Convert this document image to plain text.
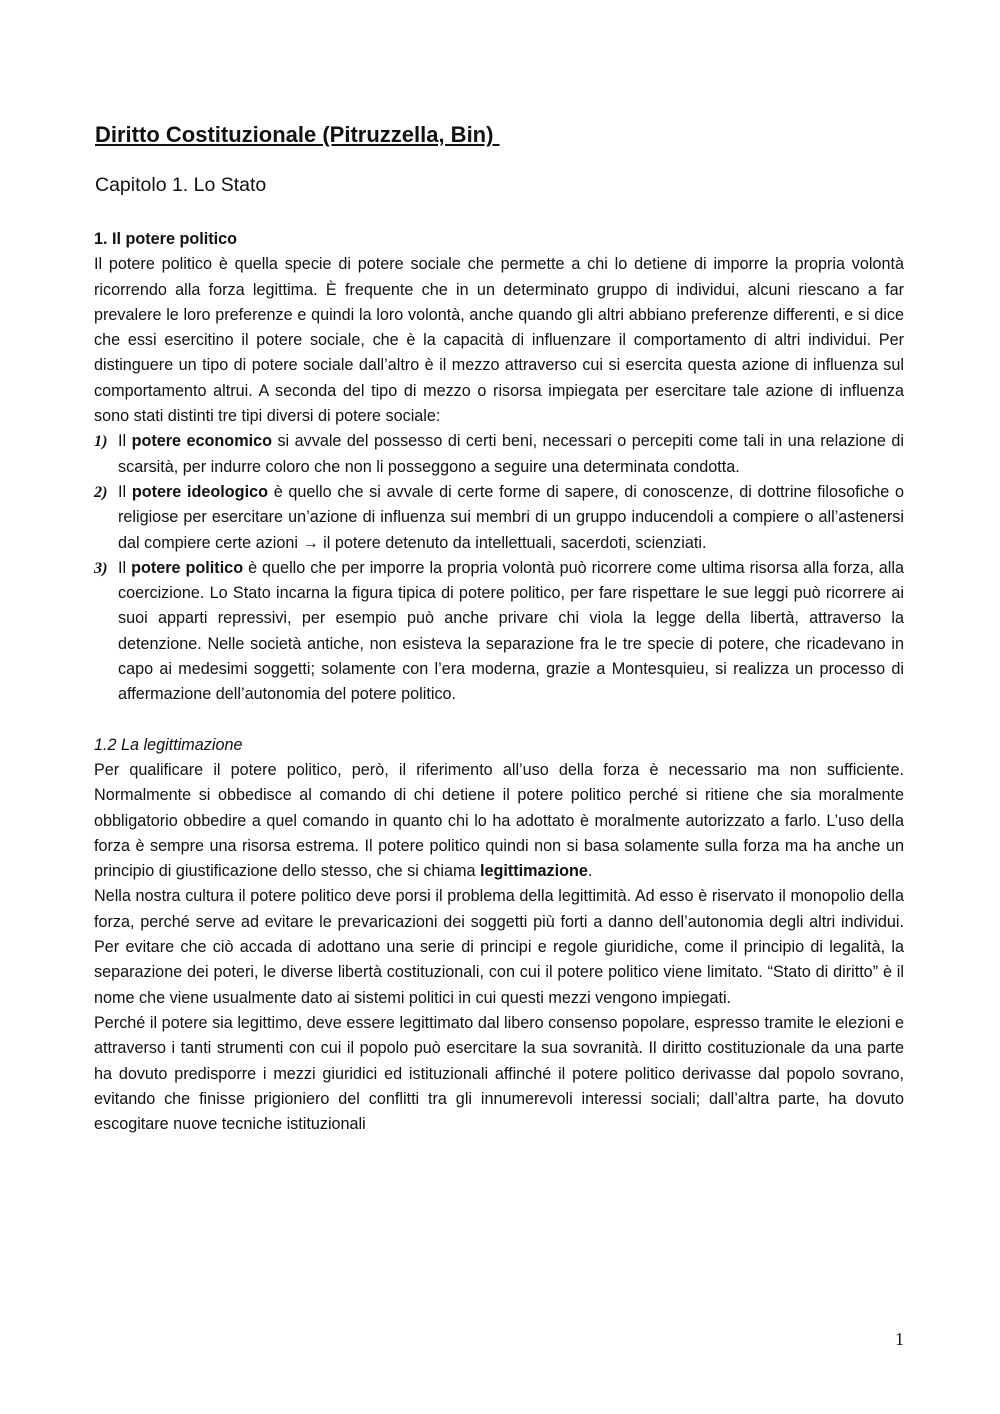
Diritto Costituzionale (Pitruzzella, Bin)
Capitolo 1. Lo Stato

1. Il potere politico

Il potere politico è quella specie di potere sociale che permette a chi lo detiene di imporre la propria volontà ricorrendo alla forza legittima. È frequente che in un determinato gruppo di individui, alcuni riescano a far prevalere le loro preferenze e quindi la loro volontà, anche quando gli altri abbiano preferenze differenti, e si dice che essi esercitino il potere sociale, che è la capacità di influenzare il comportamento di altri individui. Per distinguere un tipo di potere sociale dall’altro è il mezzo attraverso cui si esercita questa azione di influenza sul comportamento altrui. A seconda del tipo di mezzo o risorsa impiegata per esercitare tale azione di influenza sono stati distinti tre tipi diversi di potere sociale:

1) Il potere economico si avvale del possesso di certi beni, necessari o percepiti come tali in una relazione di scarsità, per indurre coloro che non li posseggono a seguire una determinata condotta.
2) Il potere ideologico è quello che si avvale di certe forme di sapere, di conoscenze, di dottrine filosofiche o religiose per esercitare un’azione di influenza sui membri di un gruppo inducendoli a compiere o all’astenersi dal compiere certe azioni → il potere detenuto da intellettuali, sacerdoti, scienziati.
3) Il potere politico è quello che per imporre la propria volontà può ricorrere come ultima risorsa alla forza, alla coercizione. Lo Stato incarna la figura tipica di potere politico, per fare rispettare le sue leggi può ricorrere ai suoi apparti repressivi, per esempio può anche privare chi viola la legge della libertà, attraverso la detenzione. Nelle società antiche, non esisteva la separazione fra le tre specie di potere, che ricadevano in capo ai medesimi soggetti; solamente con l’era moderna, grazie a Montesquieu, si realizza un processo di affermazione dell’autonomia del potere politico.

1.2 La legittimazione

Per qualificare il potere politico, però, il riferimento all’uso della forza è necessario ma non sufficiente. Normalmente si obbedisce al comando di chi detiene il potere politico perché si ritiene che sia moralmente obbligatorio obbedire a quel comando in quanto chi lo ha adottato è moralmente autorizzato a farlo. L’uso della forza è sempre una risorsa estrema. Il potere politico quindi non si basa solamente sulla forza ma ha anche un principio di giustificazione dello stesso, che si chiama legittimazione.

Nella nostra cultura il potere politico deve porsi il problema della legittimità. Ad esso è riservato il monopolio della forza, perché serve ad evitare le prevaricazioni dei soggetti più forti a danno dell’autonomia degli altri individui. Per evitare che ciò accada di adottano una serie di principi e regole giuridiche, come il principio di legalità, la separazione dei poteri, le diverse libertà costituzionali, con cui il potere politico viene limitato. “Stato di diritto” è il nome che viene usualmente dato ai sistemi politici in cui questi mezzi vengono impiegati.

Perché il potere sia legittimo, deve essere legittimato dal libero consenso popolare, espresso tramite le elezioni e attraverso i tanti strumenti con cui il popolo può esercitare la sua sovranità. Il diritto costituzionale da una parte ha dovuto predisporre i mezzi giuridici ed istituzionali affinché il potere politico derivasse dal popolo sovrano, evitando che finisse prigioniero del conflitti tra gli innumerevoli interessi sociali; dall’altra parte, ha dovuto escogitare nuove tecniche istituzionali

1
